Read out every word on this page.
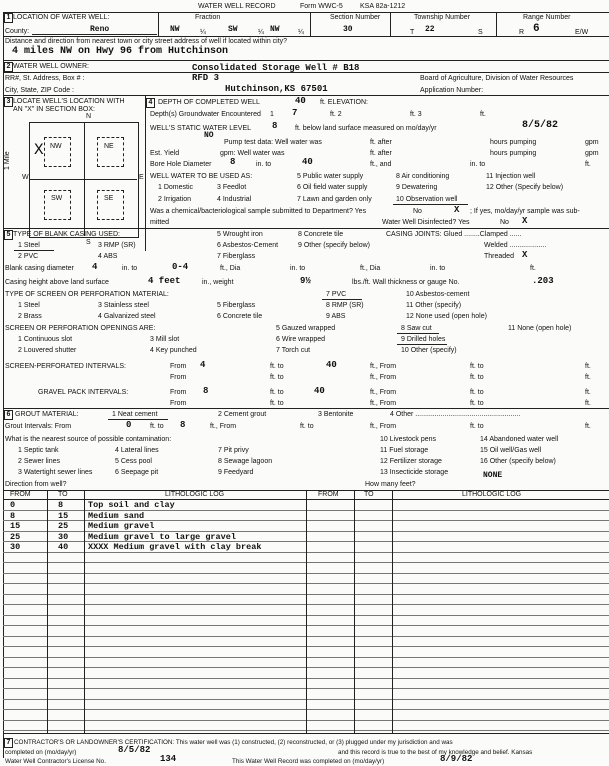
WATER WELL RECORD	Form WWC-5 KSA 82a-1212
1 LOCATION OF WATER WELL:
County:	Reno
Fraction
NW	¼	SW	¼ NW	¼
Section Number
30
Township Number
T 22	S
Range Number
R 6	E/W
Distance and direction from nearest town or city street address of well if located within city?
4 miles NW on Hwy 96 from Hutchinson
2 WATER WELL OWNER:	Consolidated Storage Well # B18
RR#, St. Address, Box # :	RFD 3	Board of Agriculture, Division of Water Resources
City, State, ZIP Code :	Hutchinson,KS 67501	Application Number:
3 LOCATE WELL'S LOCATION WITH
AN "X" IN SECTION BOX:
N
S
W	E
1 Mile
NW	NE
SW	SE
X
4 DEPTH OF COMPLETED WELL	40 ft. ELEVATION:
Depth(s) Groundwater Encountered 1 7	ft. 2	ft. 3	ft.
WELL'S STATIC WATER LEVEL 8	ft. below land surface measured on mo/day/yr	8/5/82
NO
Pump test data: Well water was	ft. after	hours pumping	gpm
Est. Yield	gpm: Well water was	ft. after	hours pumping	gpm
Bore Hole Diameter 8	in. to	40	ft., and	in. to	ft.
WELL WATER TO BE USED AS:	5 Public water supply	8 Air conditioning	11 Injection well
1 Domestic	3 Feedlot	6 Oil field water supply	9 Dewatering	12 Other (Specify below)
2 Irrigation	4 Industrial	7 Lawn and garden only	10 Observation well
Was a chemical/bacteriological sample submitted to Department? Yes	No	X ; If yes, mo/day/yr sample was sub-
mitted	Water Well Disinfected? Yes	No X
5 TYPE OF BLANK CASING USED:	5 Wrought iron	8 Concrete tile	CASING JOINTS: Glued ........Clamped ......
1 Steel	3 RMP (SR)	6 Asbestos-Cement	9 Other (specify below)	Welded ...................
2 PVC	4 ABS	7 Fiberglass	Threaded X
Blank casing diameter 4	in. to	0-4	ft., Dia	in. to	ft., Dia	in. to	ft.
Casing height above land surface	4 feet	in., weight	9½	lbs./ft. Wall thickness or gauge No.	.203
TYPE OF SCREEN OR PERFORATION MATERIAL:	7 PVC	10 Asbestos-cement
1 Steel	3 Stainless steel	5 Fiberglass	8 RMP (SR)	11 Other (specify)
2 Brass	4 Galvanized steel	6 Concrete tile	9 ABS	12 None used (open hole)
SCREEN OR PERFORATION OPENINGS ARE:	5 Gauzed wrapped	8 Saw cut	11 None (open hole)
1 Continuous slot	3 Mill slot	6 Wire wrapped	9 Drilled holes
2 Louvered shutter	4 Key punched	7 Torch cut	10 Other (specify)
SCREEN-PERFORATED INTERVALS:	From 4	ft. to	40	ft., From	ft. to	ft.
From	ft. to	ft., From	ft. to	ft.
GRAVEL PACK INTERVALS:	From 8	ft. to	40	ft., From	ft. to	ft.
From	ft. to	ft., From	ft. to	ft.
6 GROUT MATERIAL:	1 Neat cement	2 Cement grout	3 Bentonite	4 Other ......................................................
Grout Intervals: From	0	ft. to 8	ft., From	ft. to	ft., From	ft. to	ft.
What is the nearest source of possible contamination:	10 Livestock pens	14 Abandoned water well
1 Septic tank	4 Lateral lines	7 Pit privy	11 Fuel storage	15 Oil well/Gas well
2 Sewer lines	5 Cess pool	8 Sewage lagoon	12 Fertilizer storage	16 Other (specify below)
3 Watertight sewer lines	6 Seepage pit	9 Feedyard	13 Insecticide storage	NONE
Direction from well?	How many feet?
FROM	TO	LITHOLOGIC LOG	FROM	TO	LITHOLOGIC LOG
0	8	Top soil and clay
8	15 Medium sand
15	25 Medium gravel
25	30 Medium gravel to large gravel
30	40 XXXX Medium gravel with clay break
7 CONTRACTOR'S OR LANDOWNER'S CERTIFICATION: This water well was (1) constructed, (2) reconstructed, or (3) plugged under my jurisdiction and was
completed on (mo/day/yr)	8/5/82	and this record is true to the best of my knowledge and belief. Kansas
Water Well Contractor's License No.	134	This Water Well Record was completed on (mo/day/yr)	8/9/82
